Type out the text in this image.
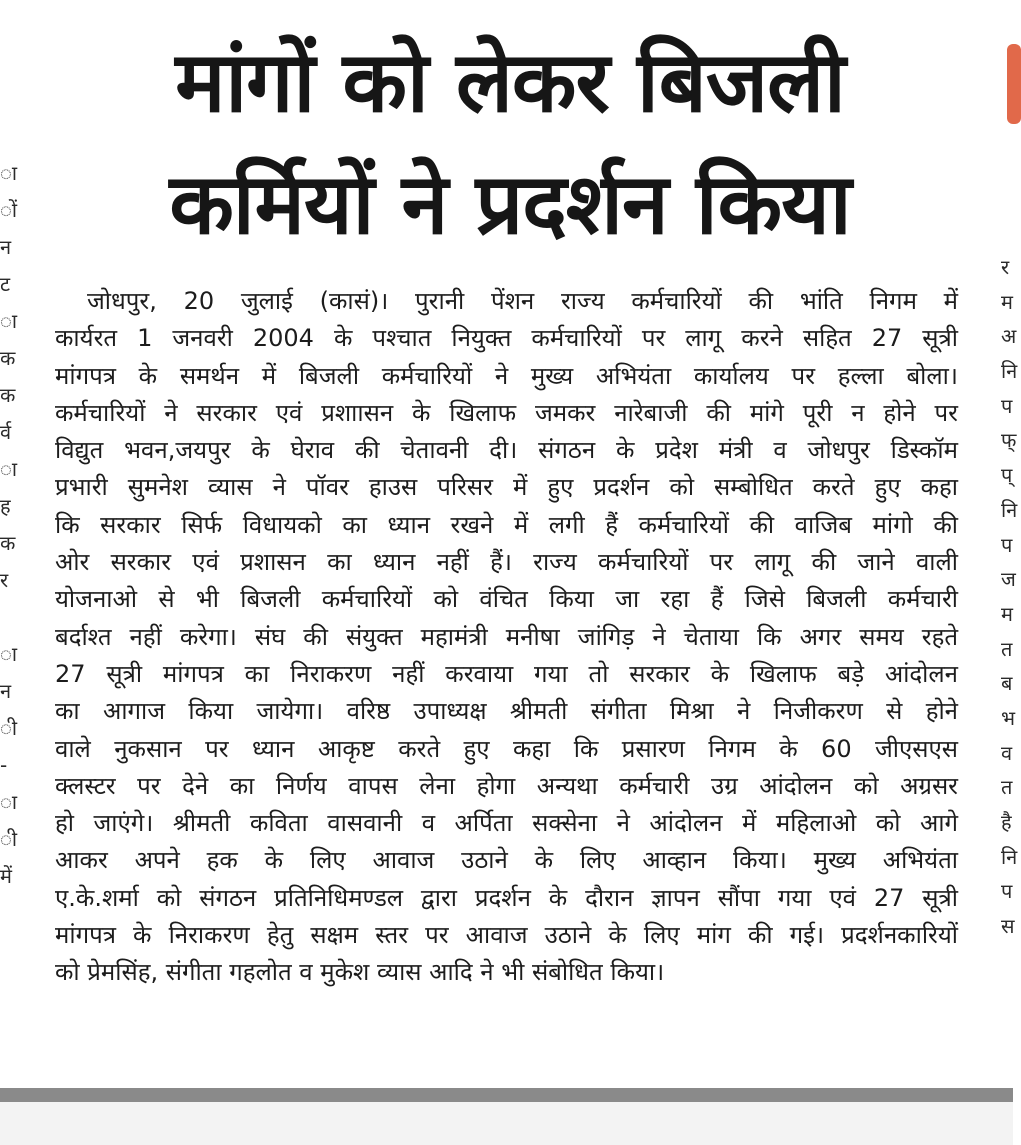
मांगों को लेकर बिजली
कर्मियों ने प्रदर्शन किया
ा
ों
न
ट
ा
क
क
र्व
ा
ह
क
र
ा
न
ी
-
ा
ी
में
र
म
अ
नि
प
फ्
प्
नि
प
ज
म
त
ब
भ
व
त
है
नि
प
स
जोधपुर, 20 जुलाई (कासं)। पुरानी पेंशन राज्य कर्मचारियों की भांति निगम में
कार्यरत 1 जनवरी 2004 के पश्चात नियुक्त कर्मचारियों पर लागू करने सहित 27 सूत्री
मांगपत्र के समर्थन में बिजली कर्मचारियों ने मुख्य अभियंता कार्यालय पर हल्ला बोला।
कर्मचारियों ने सरकार एवं प्रशाासन के खिलाफ जमकर नारेबाजी की मांगे पूरी न होने पर
विद्युत भवन,जयपुर के घेराव की चेतावनी दी। संगठन के प्रदेश मंत्री व जोधपुर डिस्कॉम
प्रभारी सुमनेश व्यास ने पॉवर हाउस परिसर में हुए प्रदर्शन को सम्बोधित करते हुए कहा
कि सरकार सिर्फ विधायको का ध्यान रखने में लगी हैं कर्मचारियों की वाजिब मांगो की
ओर सरकार एवं प्रशासन का ध्यान नहीं हैं। राज्य कर्मचारियों पर लागू की जाने वाली
योजनाओ से भी बिजली कर्मचारियों को वंचित किया जा रहा हैं जिसे बिजली कर्मचारी
बर्दाश्त नहीं करेगा। संघ की संयुक्त महामंत्री मनीषा जांगिड़ ने चेताया कि अगर समय रहते
27 सूत्री मांगपत्र का निराकरण नहीं करवाया गया तो सरकार के खिलाफ बड़े आंदोलन
का आगाज किया जायेगा। वरिष्ठ उपाध्यक्ष श्रीमती संगीता मिश्रा ने निजीकरण से होने
वाले नुकसान पर ध्यान आकृष्ट करते हुए कहा कि प्रसारण निगम के 60 जीएसएस
क्लस्टर पर देने का निर्णय वापस लेना होगा अन्यथा कर्मचारी उग्र आंदोलन को अग्रसर
हो जाएंगे। श्रीमती कविता वासवानी व अर्पिता सक्सेना ने आंदोलन में महिलाओ को आगे
आकर अपने हक के लिए आवाज उठाने के लिए आव्हान किया। मुख्य अभियंता
ए.के.शर्मा को संगठन प्रतिनिधिमण्डल द्वारा प्रदर्शन के दौरान ज्ञापन सौंपा गया एवं 27 सूत्री
मांगपत्र के निराकरण हेतु सक्षम स्तर पर आवाज उठाने के लिए मांग की गई। प्रदर्शनकारियों
को प्रेमसिंह, संगीता गहलोत व मुकेश व्यास आदि ने भी संबोधित किया।
